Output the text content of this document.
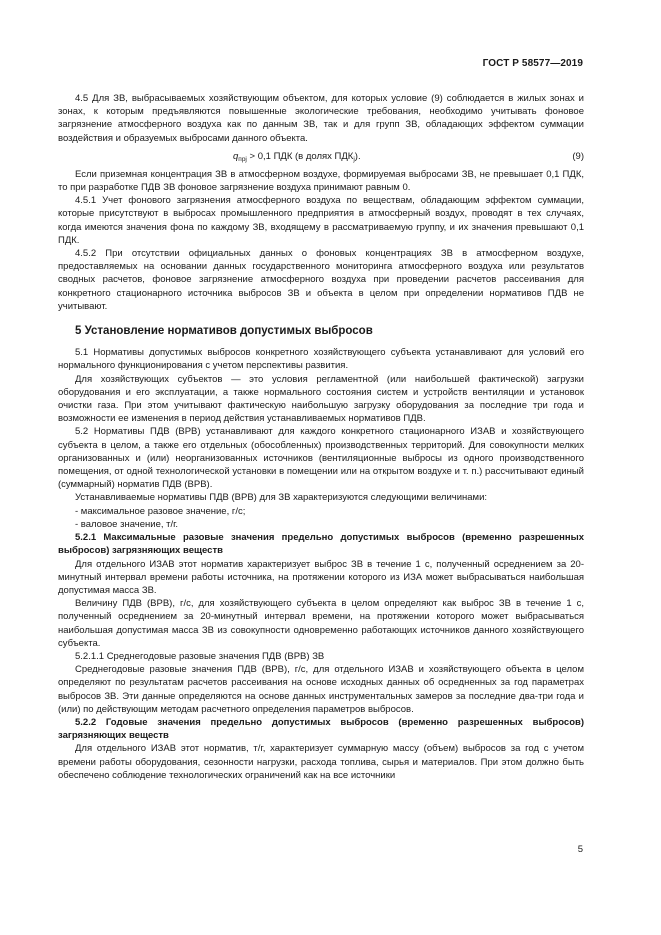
ГОСТ Р 58577—2019

4.5 Для ЗВ, выбрасываемых хозяйствующим объектом, для которых условие (9) соблюдается в жилых зонах и зонах, к которым предъявляются повышенные экологические требования, необходимо учитывать фоновое загрязнение атмосферного воздуха как по данным ЗВ, так и для групп ЗВ, обладающих эффектом суммации воздействия и образуемых выбросами данного объекта.

$q_{прj} > 0,1$ ПДК (в долях $ПДК_j$).	(9)

Если приземная концентрация ЗВ в атмосферном воздухе, формируемая выбросами ЗВ, не превышает 0,1 ПДК, то при разработке ПДВ ЗВ фоновое загрязнение воздуха принимают равным 0.

4.5.1 Учет фонового загрязнения атмосферного воздуха по веществам, обладающим эффектом суммации, которые присутствуют в выбросах промышленного предприятия в атмосферный воздух, проводят в тех случаях, когда имеются значения фона по каждому ЗВ, входящему в рассматриваемую группу, и их значения превышают 0,1 ПДК.

4.5.2 При отсутствии официальных данных о фоновых концентрациях ЗВ в атмосферном воздухе, предоставляемых на основании данных государственного мониторинга атмосферного воздуха или результатов сводных расчетов, фоновое загрязнение атмосферного воздуха при проведении расчетов рассеивания для конкретного стационарного источника выбросов ЗВ и объекта в целом при определении нормативов ПДВ не учитывают.

5 Установление нормативов допустимых выбросов

5.1 Нормативы допустимых выбросов конкретного хозяйствующего субъекта устанавливают для условий его нормального функционирования с учетом перспективы развития.

Для хозяйствующих субъектов — это условия регламентной (или наибольшей фактической) загрузки оборудования и его эксплуатации, а также нормального состояния систем и устройств вентиляции и установок очистки газа. При этом учитывают фактическую наибольшую загрузку оборудования за последние три года и возможности ее изменения в период действия устанавливаемых нормативов ПДВ.

5.2 Нормативы ПДВ (ВРВ) устанавливают для каждого конкретного стационарного ИЗАВ и хозяйствующего субъекта в целом, а также его отдельных (обособленных) производственных территорий. Для совокупности мелких организованных и (или) неорганизованных источников (вентиляционные выбросы из одного производственного помещения, от одной технологической установки в помещении или на открытом воздухе и т. п.) рассчитывают единый (суммарный) норматив ПДВ (ВРВ).

Устанавливаемые нормативы ПДВ (ВРВ) для ЗВ характеризуются следующими величинами:

- максимальное разовое значение, г/с;

- валовое значение, т/г.

5.2.1 Максимальные разовые значения предельно допустимых выбросов (временно разрешенных выбросов) загрязняющих веществ

Для отдельного ИЗАВ этот норматив характеризует выброс ЗВ в течение 1 с, полученный осреднением за 20-минутный интервал времени работы источника, на протяжении которого из ИЗА может выбрасываться наибольшая допустимая масса ЗВ.

Величину ПДВ (ВРВ), г/с, для хозяйствующего субъекта в целом определяют как выброс ЗВ в течение 1 с, полученный осреднением за 20-минутный интервал времени, на протяжении которого может выбрасываться наибольшая допустимая масса ЗВ из совокупности одновременно работающих источников данного хозяйствующего субъекта.

5.2.1.1 Среднегодовые разовые значения ПДВ (ВРВ) ЗВ

Среднегодовые разовые значения ПДВ (ВРВ), г/с, для отдельного ИЗАВ и хозяйствующего объекта в целом определяют по результатам расчетов рассеивания на основе исходных данных об осредненных за год параметрах выбросов ЗВ. Эти данные определяются на основе данных инструментальных замеров за последние два-три года и (или) по действующим методам расчетного определения параметров выбросов.

5.2.2 Годовые значения предельно допустимых выбросов (временно разрешенных выбросов) загрязняющих веществ

Для отдельного ИЗАВ этот норматив, т/г, характеризует суммарную массу (объем) выбросов за год с учетом времени работы оборудования, сезонности нагрузки, расхода топлива, сырья и материалов. При этом должно быть обеспечено соблюдение технологических ограничений как на все источники

5
